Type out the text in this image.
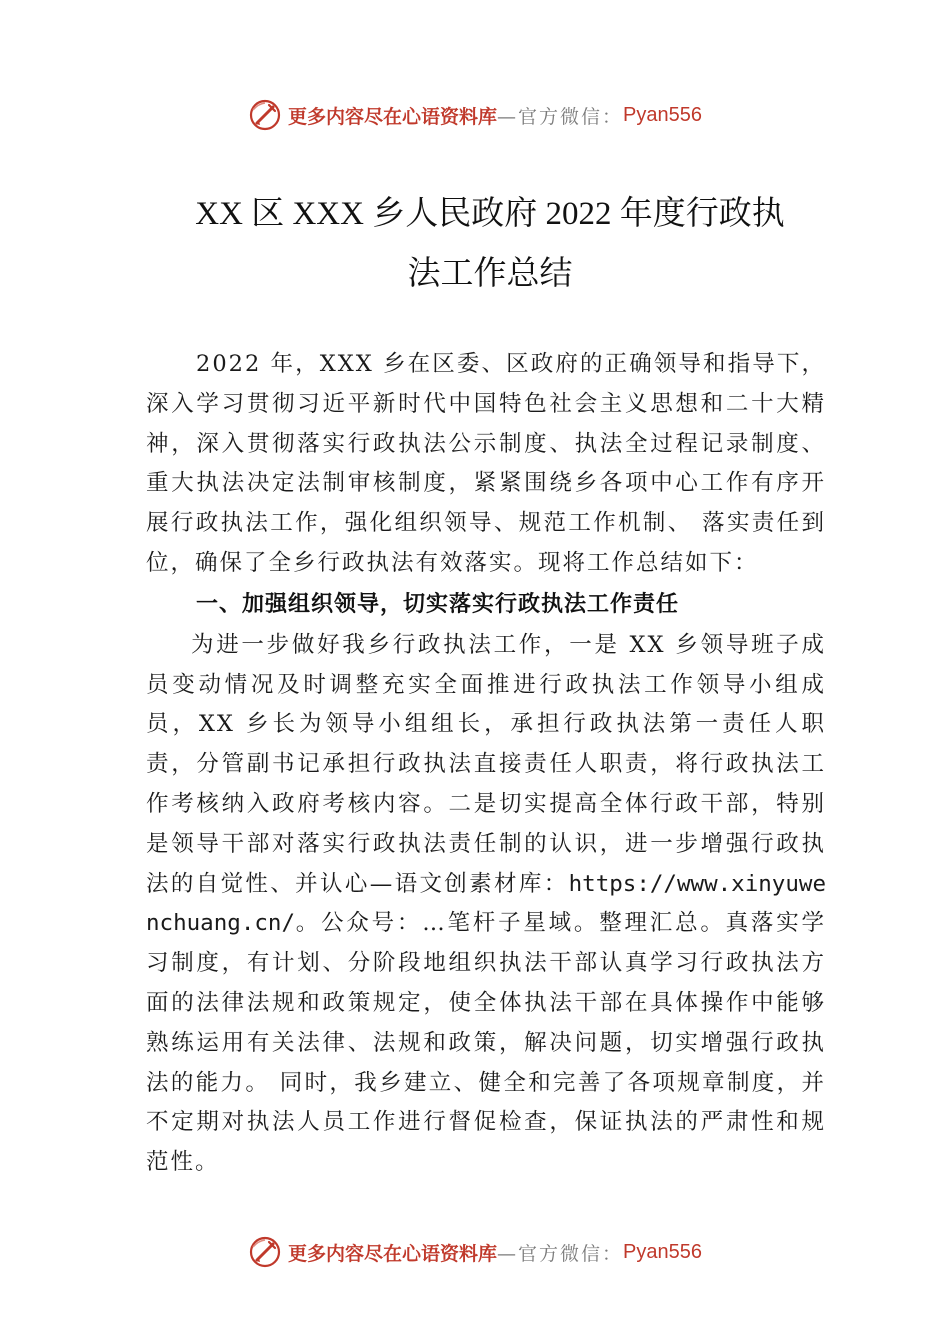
更多内容尽在心语资料库 —官方微信： Pyan556
XX 区 XXX 乡人民政府 2022 年度行政执
法工作总结

2022 年，XXX 乡在区委、区政府的正确领导和指导下，深入学习贯彻习近平新时代中国特色社会主义思想和二十大精神，深入贯彻落实行政执法公示制度、执法全过程记录制度、重大执法决定法制审核制度，紧紧围绕乡各项中心工作有序开展行政执法工作，强化组织领导、规范工作机制、 落实责任到位，确保了全乡行政执法有效落实。现将工作总结如下：

一、加强组织领导，切实落实行政执法工作责任

为进一步做好我乡行政执法工作，一是 XX 乡领导班子成员变动情况及时调整充实全面推进行政执法工作领导小组成员，XX 乡长为领导小组组长，承担行政执法第一责任人职责，分管副书记承担行政执法直接责任人职责，将行政执法工作考核纳入政府考核内容。二是切实提高全体行政干部，特别是领导干部对落实行政执法责任制的认识，进一步增强行政执法的自觉性、并认心—语文创素材库：https://www.xinyuwenchuang.cn/。公众号：…笔杆子星域。整理汇总。真落实学习制度，有计划、分阶段地组织执法干部认真学习行政执法方面的法律法规和政策规定，使全体执法干部在具体操作中能够熟练运用有关法律、法规和政策，解决问题，切实增强行政执法的能力。 同时，我乡建立、健全和完善了各项规章制度，并不定期对执法人员工作进行督促检查，保证执法的严肃性和规范性。

更多内容尽在心语资料库 —官方微信： Pyan556
